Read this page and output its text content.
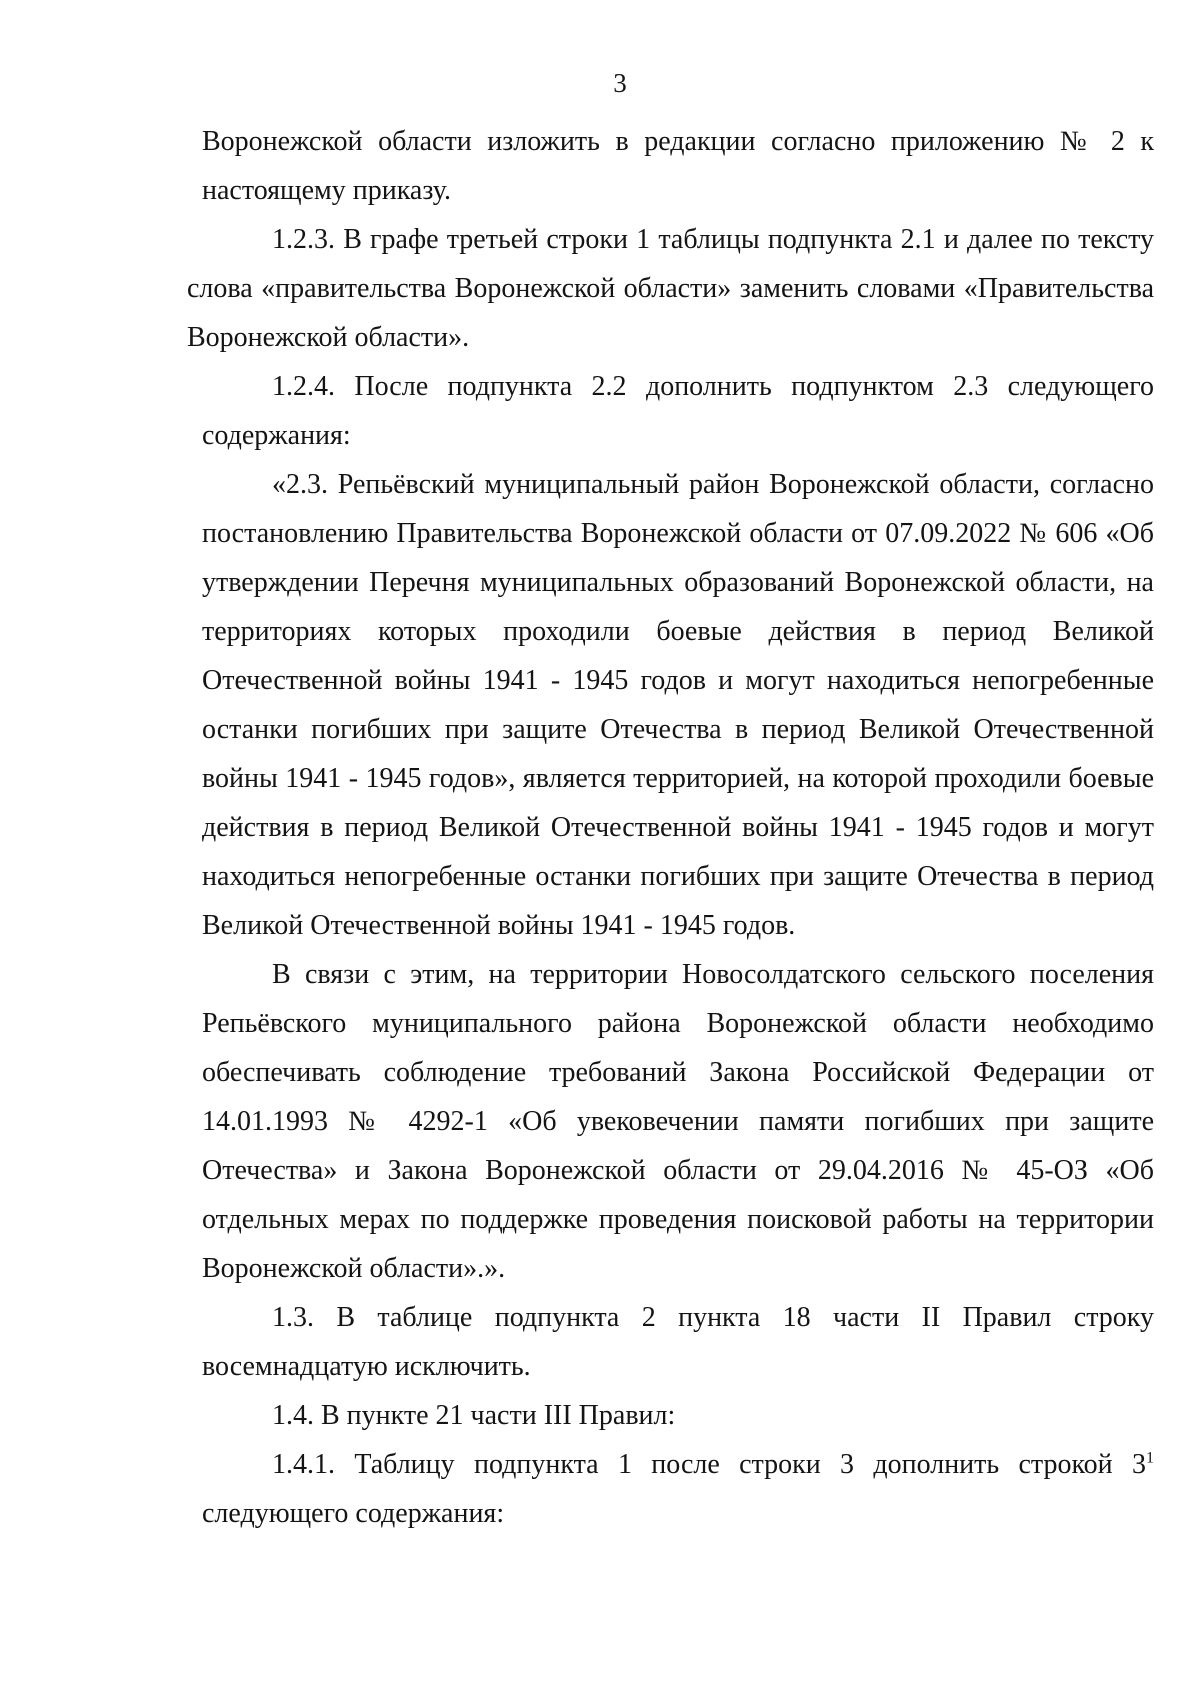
3

Воронежской области изложить в редакции согласно приложению № 2 к настоящему приказу.

1.2.3. В графе третьей строки 1 таблицы подпункта 2.1 и далее по тексту слова «правительства Воронежской области» заменить словами «Правительства Воронежской области».

1.2.4. После подпункта 2.2 дополнить подпунктом 2.3 следующего содержания:

«2.3. Репьёвский муниципальный район Воронежской области, согласно постановлению Правительства Воронежской области от 07.09.2022 № 606 «Об утверждении Перечня муниципальных образований Воронежской области, на территориях которых проходили боевые действия в период Великой Отечественной войны 1941 - 1945 годов и могут находиться непогребенные останки погибших при защите Отечества в период Великой Отечественной войны 1941 - 1945 годов», является территорией, на которой проходили боевые действия в период Великой Отечественной войны 1941 - 1945 годов и могут находиться непогребенные останки погибших при защите Отечества в период Великой Отечественной войны 1941 - 1945 годов.

В связи с этим, на территории Новосолдатского сельского поселения Репьёвского муниципального района Воронежской области необходимо обеспечивать соблюдение требований Закона Российской Федерации от 14.01.1993 № 4292-1 «Об увековечении памяти погибших при защите Отечества» и Закона Воронежской области от 29.04.2016 № 45-ОЗ «Об отдельных мерах по поддержке проведения поисковой работы на территории Воронежской области».».

1.3. В таблице подпункта 2 пункта 18 части II Правил строку восемнадцатую исключить.

1.4. В пункте 21 части III Правил:

1.4.1. Таблицу подпункта 1 после строки 3 дополнить строкой $3^1$ следующего содержания:
